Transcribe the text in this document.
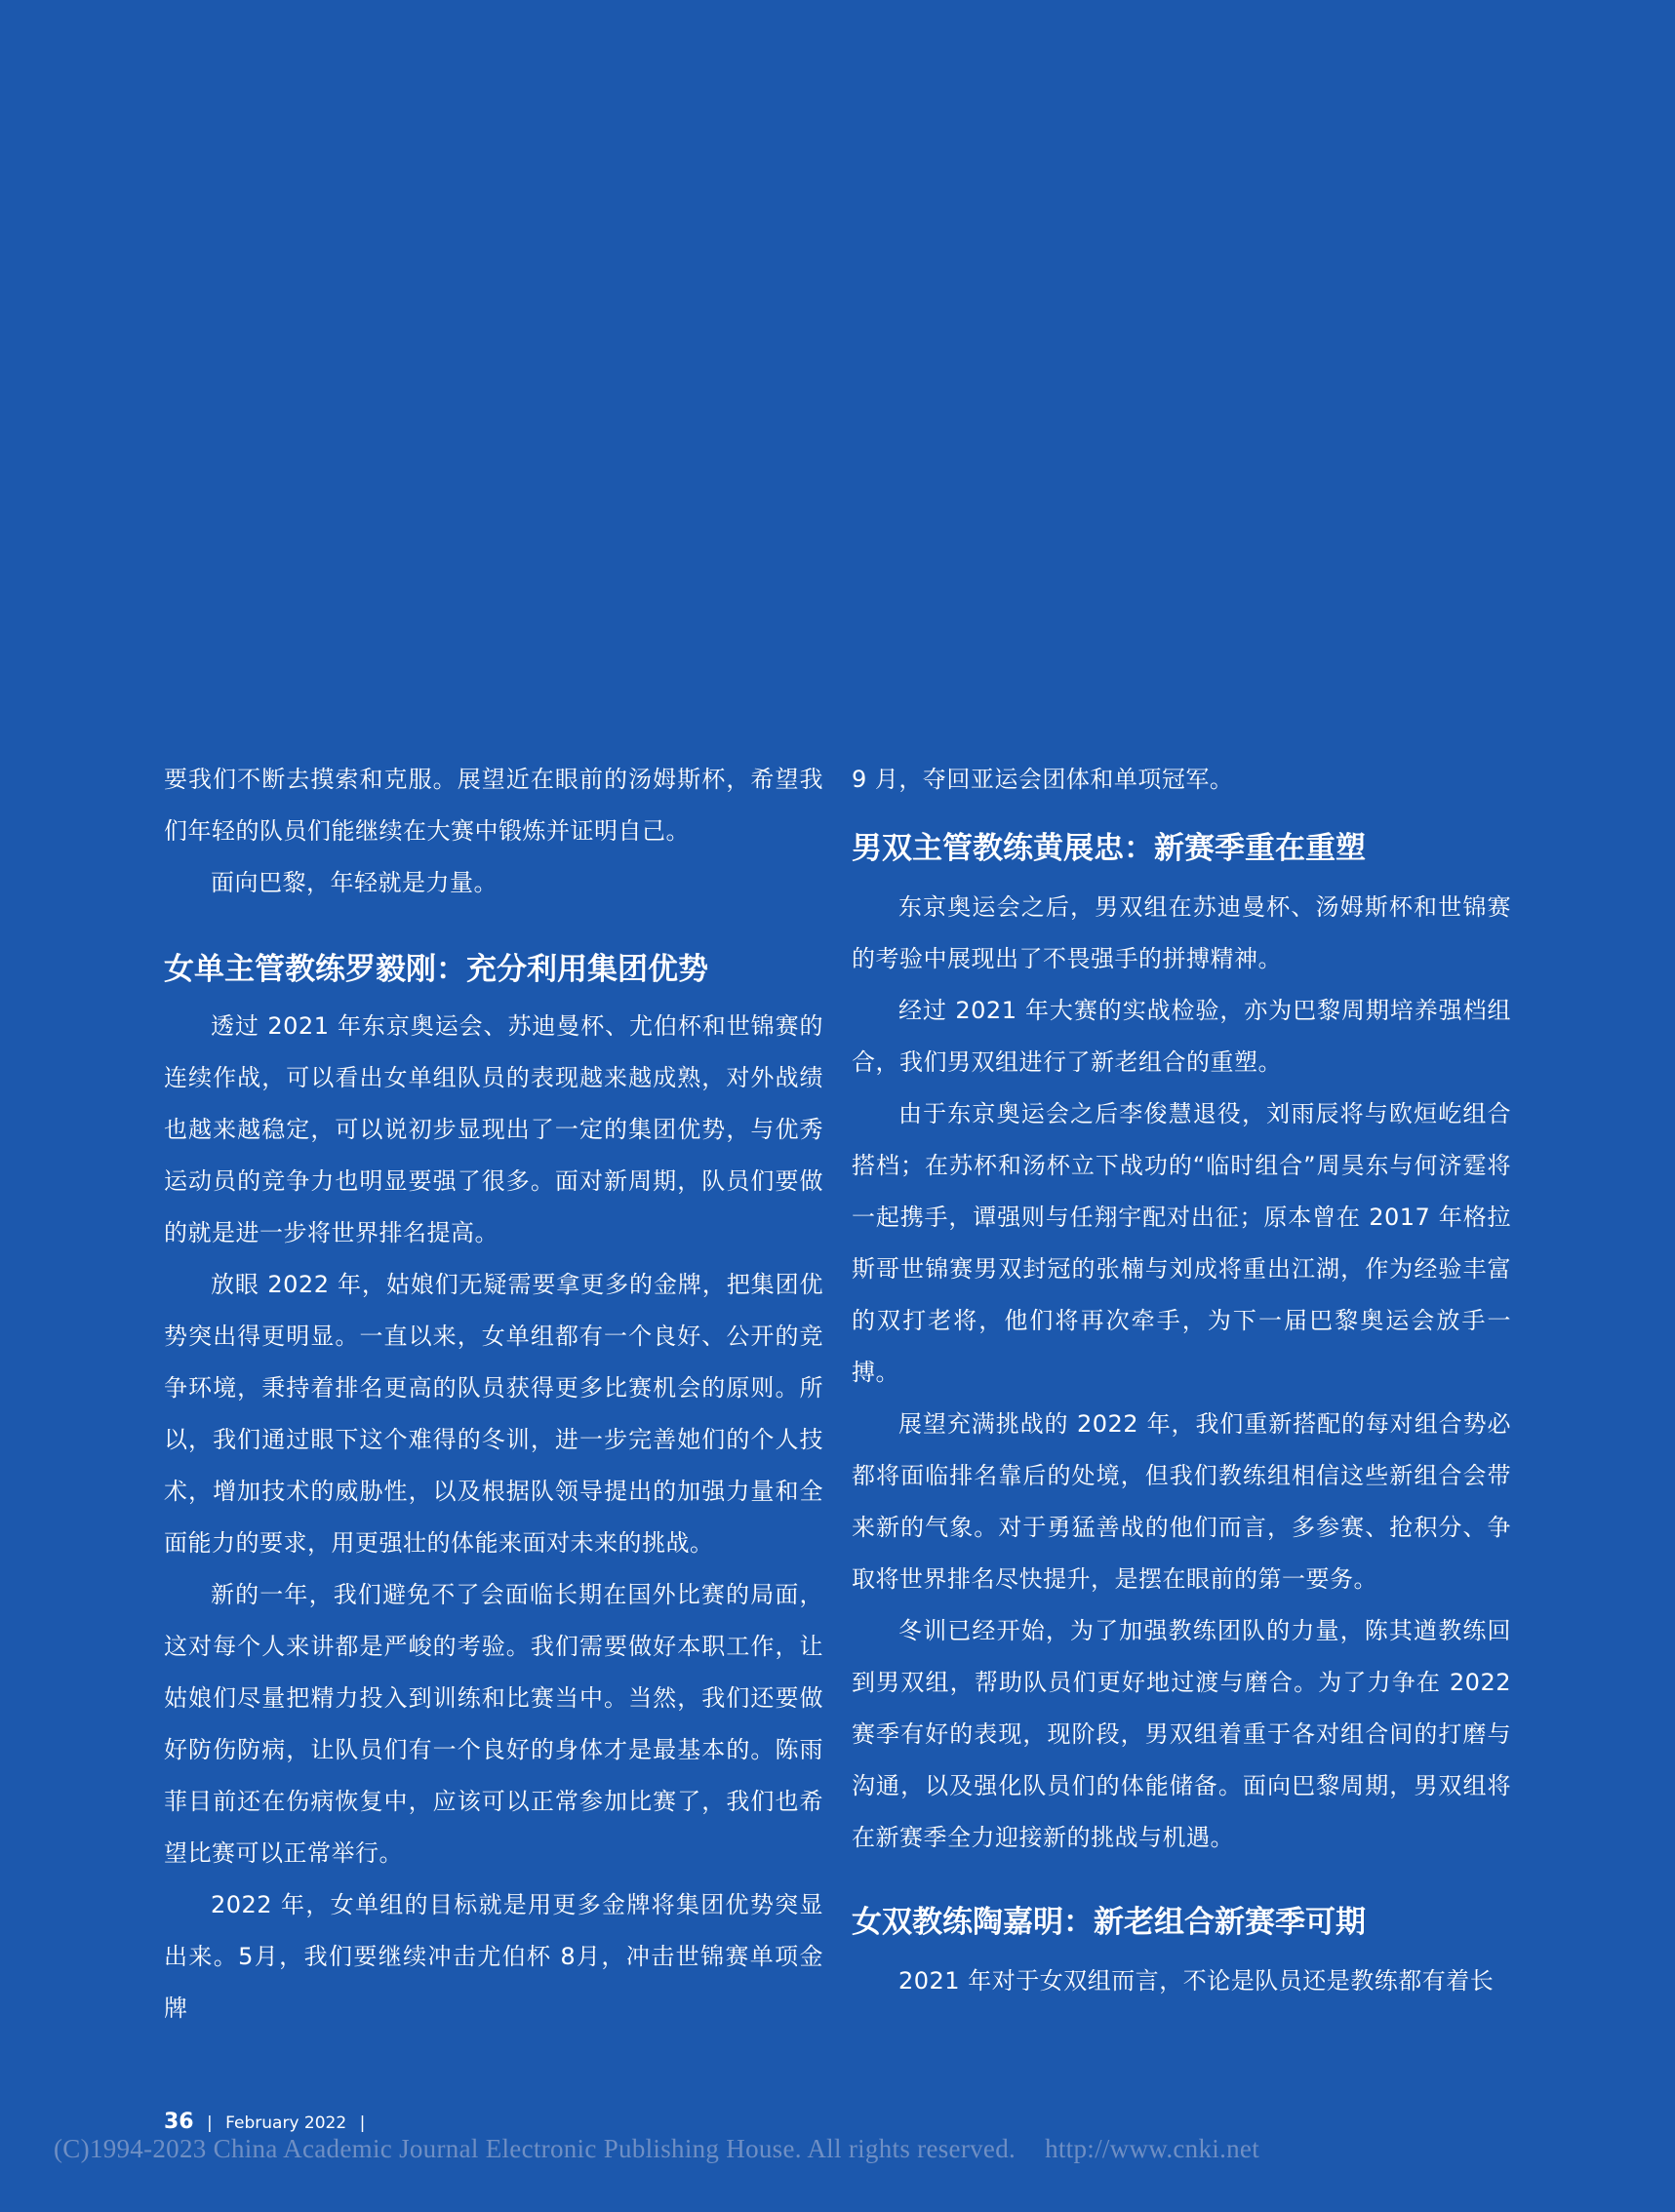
要我们不断去摸索和克服。展望近在眼前的汤姆斯杯，希望我们年轻的队员们能继续在大赛中锻炼并证明自己。

面向巴黎，年轻就是力量。

女单主管教练罗毅刚：充分利用集团优势

透过 2021 年东京奥运会、苏迪曼杯、尤伯杯和世锦赛的连续作战，可以看出女单组队员的表现越来越成熟，对外战绩也越来越稳定，可以说初步显现出了一定的集团优势，与优秀运动员的竞争力也明显要强了很多。面对新周期，队员们要做的就是进一步将世界排名提高。

放眼 2022 年，姑娘们无疑需要拿更多的金牌，把集团优势突出得更明显。一直以来，女单组都有一个良好、公开的竞争环境，秉持着排名更高的队员获得更多比赛机会的原则。所以，我们通过眼下这个难得的冬训，进一步完善她们的个人技术，增加技术的威胁性，以及根据队领导提出的加强力量和全面能力的要求，用更强壮的体能来面对未来的挑战。

新的一年，我们避免不了会面临长期在国外比赛的局面，这对每个人来讲都是严峻的考验。我们需要做好本职工作，让姑娘们尽量把精力投入到训练和比赛当中。当然，我们还要做好防伤防病，让队员们有一个良好的身体才是最基本的。陈雨菲目前还在伤病恢复中，应该可以正常参加比赛了，我们也希望比赛可以正常举行。

2022 年，女单组的目标就是用更多金牌将集团优势突显出来。5月，我们要继续冲击尤伯杯 8月，冲击世锦赛单项金牌

9 月，夺回亚运会团体和单项冠军。

男双主管教练黄展忠：新赛季重在重塑

东京奥运会之后，男双组在苏迪曼杯、汤姆斯杯和世锦赛的考验中展现出了不畏强手的拼搏精神。

经过 2021 年大赛的实战检验，亦为巴黎周期培养强档组合，我们男双组进行了新老组合的重塑。

由于东京奥运会之后李俊慧退役，刘雨辰将与欧烜屹组合搭档；在苏杯和汤杯立下战功的“临时组合”周昊东与何济霆将一起携手，谭强则与任翔宇配对出征；原本曾在 2017 年格拉斯哥世锦赛男双封冠的张楠与刘成将重出江湖，作为经验丰富的双打老将，他们将再次牵手，为下一届巴黎奥运会放手一搏。

展望充满挑战的 2022 年，我们重新搭配的每对组合势必都将面临排名靠后的处境，但我们教练组相信这些新组合会带来新的气象。对于勇猛善战的他们而言，多参赛、抢积分、争取将世界排名尽快提升，是摆在眼前的第一要务。

冬训已经开始，为了加强教练团队的力量，陈其遒教练回到男双组，帮助队员们更好地过渡与磨合。为了力争在 2022 赛季有好的表现，现阶段，男双组着重于各对组合间的打磨与沟通，以及强化队员们的体能储备。面向巴黎周期，男双组将在新赛季全力迎接新的挑战与机遇。

女双教练陶嘉明：新老组合新赛季可期

2021 年对于女双组而言，不论是队员还是教练都有着长

36 | February 2022 |
(C)1994-2023 China Academic Journal Electronic Publishing House. All rights reserved. http://www.cnki.net
